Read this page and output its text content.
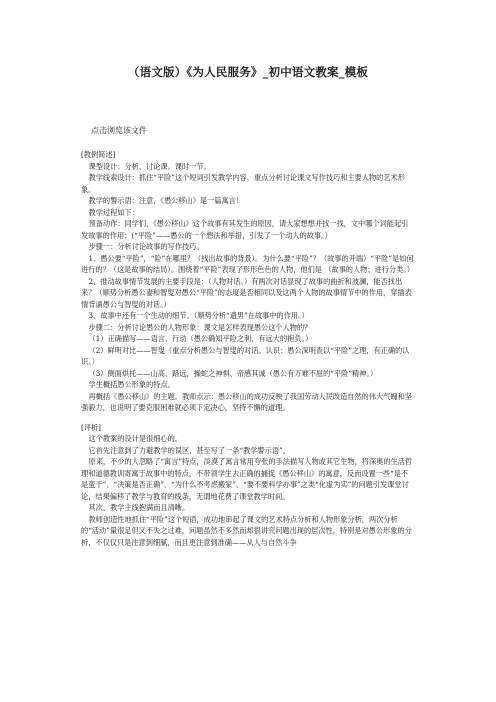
（语文版）《为人民服务》_初中语文教案_模板
点击浏览该文件

[教例简述]

课型设计：分析、讨论课。课时一节。

教学线索设计：抓住“平险”这个短词引发教学内容，重点分析讨论课文写作技巧和主要人物的艺术形象。

教学的警示语：注意，《愚公移山》是一篇寓言！

教学过程如下：

预备动作：同学们，《愚公移山》这个故事有其发生的原因，请大家想想并找一找，文中哪个词能起引发故事的作用；(“平险”——愚公的一个想法和举措，引发了一个动人的故事。）

步骤一：分析讨论故事的写作技巧。

1、愚公要“平险”，“险”在哪里？（找出故事的背景）。为什么要“平险”？（故事的开端）“平险”是如何进行的？（这是故事的结局）。围绕着“平险”表现了形形色色的人物，他们是 （故事的人物；进行分类。）

2、推动故事情节发展的主要手段是：（人物对话。）有两次对话显现了故事的曲折和波澜，能否找出来？（顺势分析愚公妻和智叟对愚公“平险”的态度是否相同以及这两个人物的故事情节中的作用，穿插表情背诵愚公与智叟的对话。）

3、故事中还有一个生动的细节。（顺势分析“遗男”在故事中的作用。）

步骤二：分析讨论愚公的人物形象：课文是怎样表现愚公这个人物的？

（1）正确描写——语言、行动（愚公确知平险之利，有远大的抱负。）

（2）鲜明对比——智叟（重点分析愚公与智叟的对话。认识：愚公深明查以“平险”之理，有正确的认识。）

（3）侧面烘托——山高、路远，操蛇之神惧、帝感其诚（愚公有万难不屈的“平险”精神。）

学生概括愚公形象的特点。

再概括《愚公移山》的主题。教师点示：愚公移山的成功反映了我国劳动人民改造自然的伟大气魄和坚强毅力，也说明了要克服困难就必须下定决心，坚持不懈的道理。

[评析]

这个教案的设计是很细心的。

它首先注意到了力避教学的误区，甚至写了一条“教学警示语”。

原来，不少的人忽略了“寓言”特点，淡漠了寓言常用夸张的手法描写人物或其它生物，将深奥的生活哲理和道德教训寄寓于故事中的特点，不带领学生去正确的捕捉《愚公移山》的寓意，反而设置一些“是不是蛮干”、“决策是否正确”、“为什么不考虑搬家”、“要不要科学办事”之类“化虚为实”的问题引发课堂讨论，结果偏移了教学与教育的线条，无谓地花费了课堂教学时间。

其次，教学主线抱满而且清晰。

教师创造性地抓住“平险”这个短语，成功地串起了课文的艺术特点分析和人物形象分析，两次分析的“活动”量很足但又不失之过难，问题虽然不多然而却很讲究问题出现的层次性，特别是对愚公形象的分析，不仅仅只是注意到细腻，而且更注意到准确——从人与自然斗争
